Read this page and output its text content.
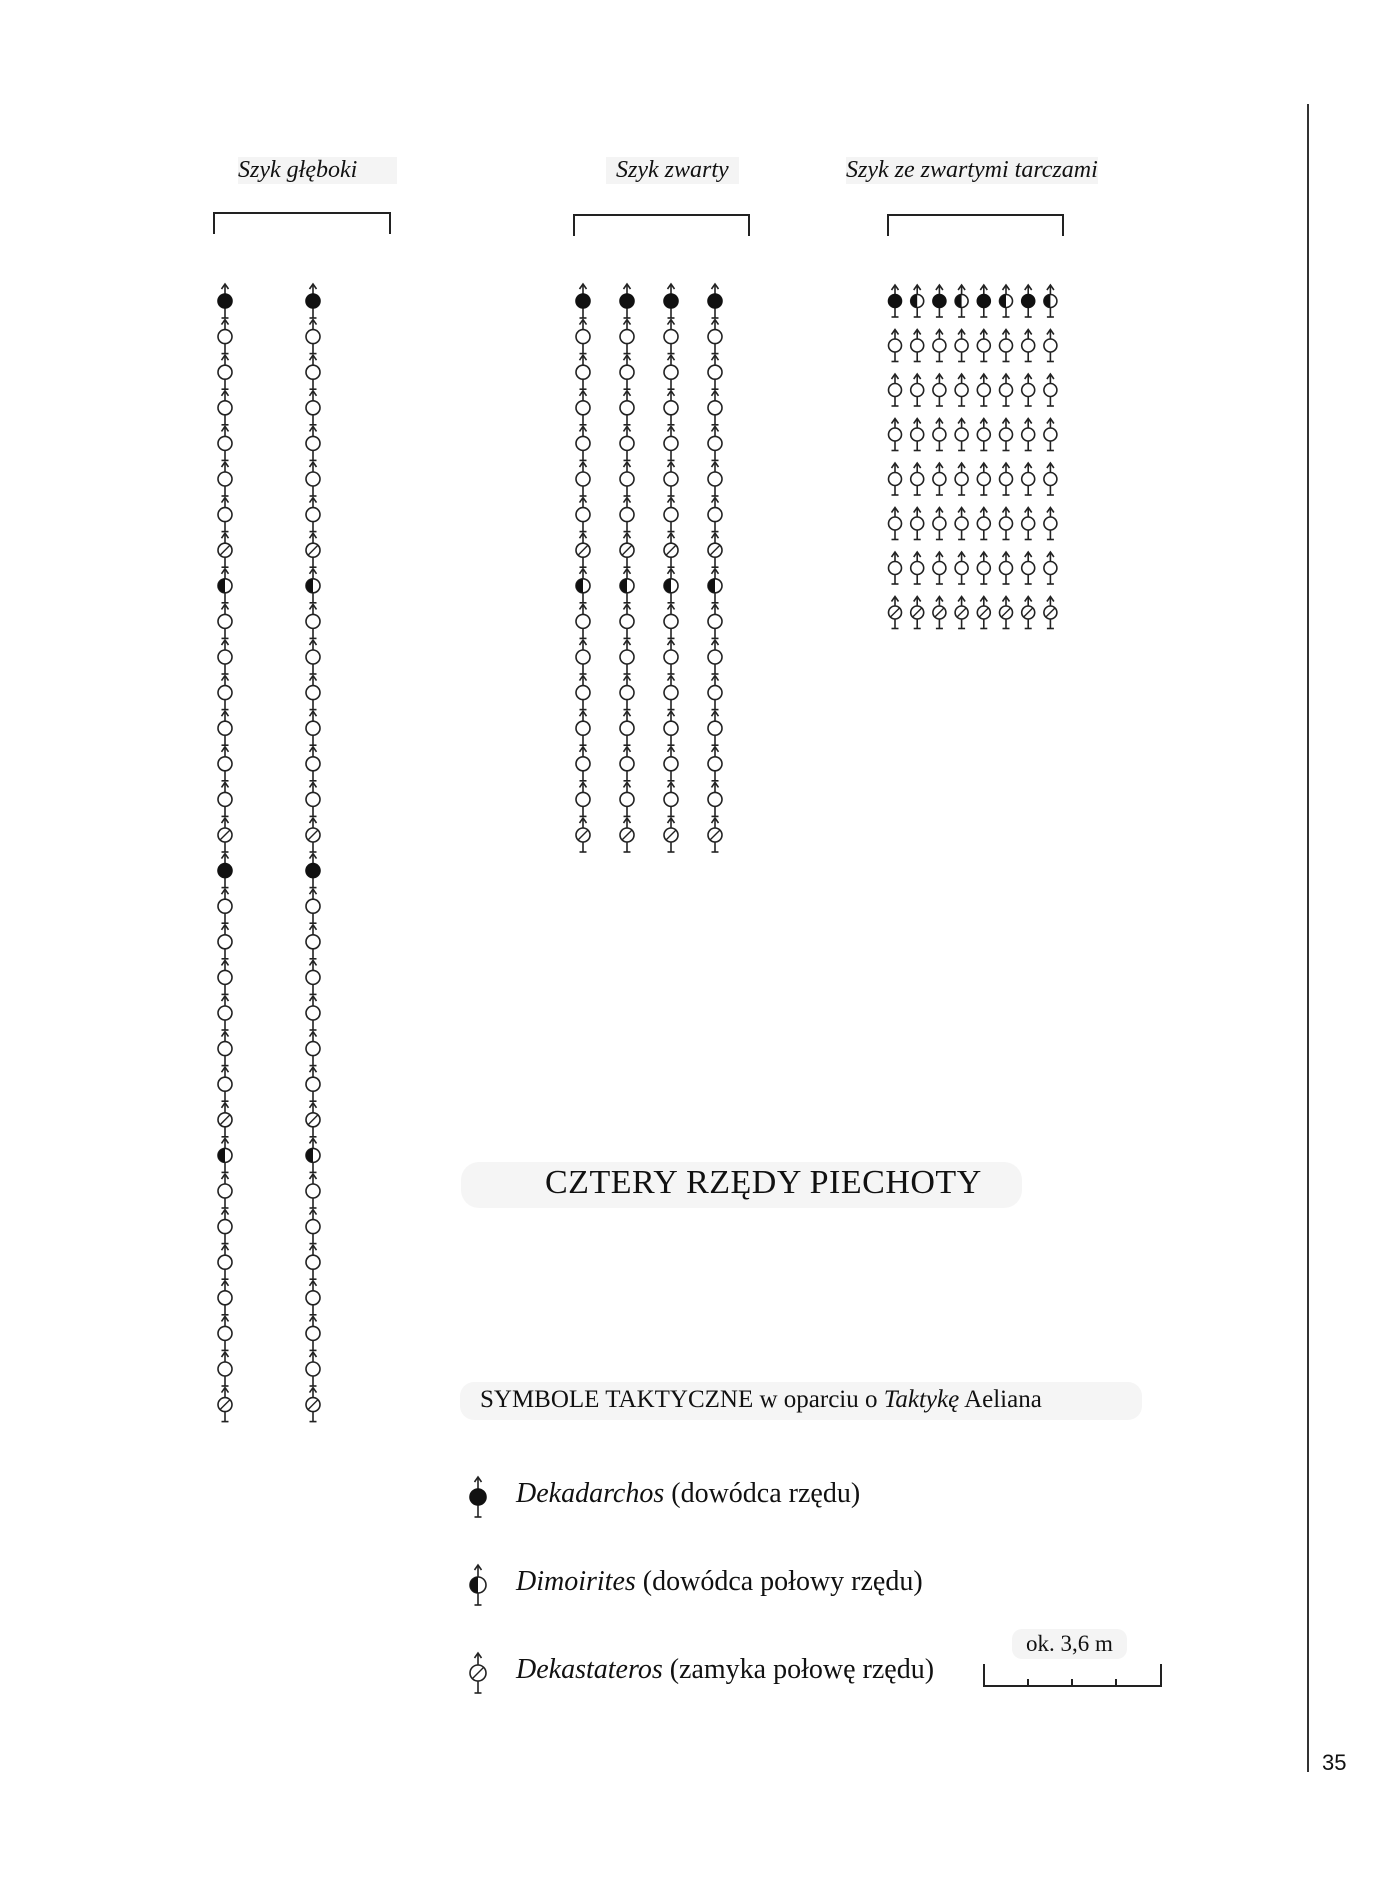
Szyk głęboki	Szyk zwarty	Szyk ze zwartymi tarczami
CZTERY RZĘDY PIECHOTY
SYMBOLE TAKTYCZNE w oparciu o Taktykę Aeliana
Dekadarchos (dowódca rzędu)
Dimoirites (dowódca połowy rzędu)
Dekastateros (zamyka połowę rzędu)
ok. 3,6 m
35
